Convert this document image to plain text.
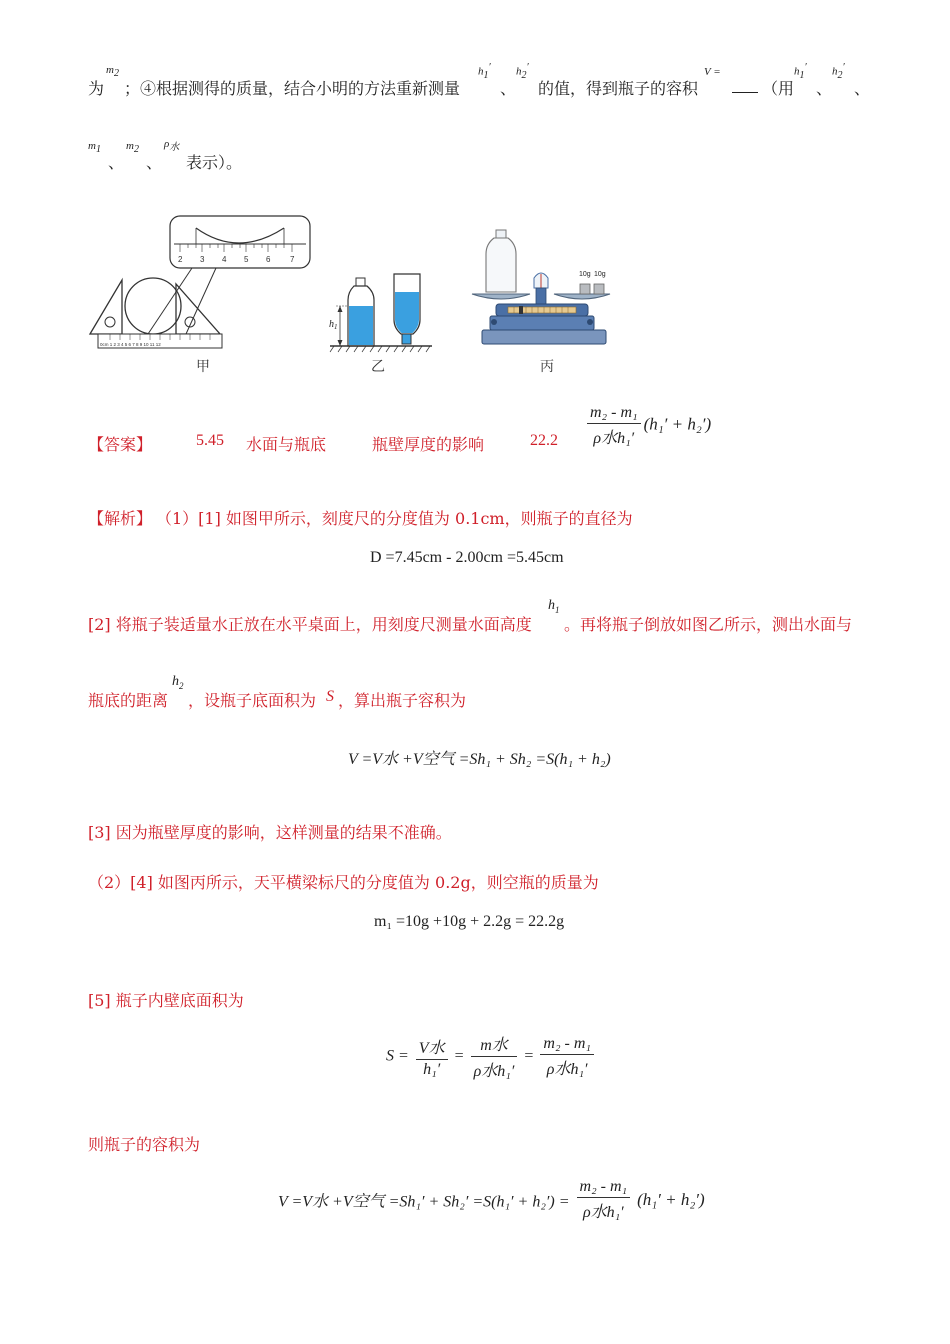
为
$m_2$
；④根据测得的质量，结合小明的方法重新测量
$h_1'$
、
$h_2'$
的值，得到瓶子的容积
V =
（用
$h_1'$
、
$h_2'$
、
$m_1$
、
$m_2$
、
$\rho_水$
表示）。
2 3 4 5 6 7
0cm 1 2 3 4 5 6 7 8 9 10 11 12
甲
$h_1$
乙
10g 10g
丙
【答案】	5.45 水面与瓶底	瓶壁厚度的影响	$22.2 \frac{\text{m₂ - m₁}}{\text{ρ水h₁′}} (h_1' + h_2')$
【解析】 （1）[1] 如图甲所示，刻度尺的分度值为 0.1cm，则瓶子的直径为
D =7.45cm - 2.00cm =5.45cm
[2] 将瓶子装适量水正放在水平桌面上，用刻度尺测量水面高度
$h_1$
。再将瓶子倒放如图乙所示，测出水面与
瓶底的距离
$h_2$
，设瓶子底面积为 S ，算出瓶子容积为
V =V水 +V空气 =Sh₁ + Sh₂ =S(h₁ + h₂)
[3] 因为瓶壁厚度的影响，这样测量的结果不准确。
（2）[4] 如图丙所示，天平横梁标尺的分度值为 0.2g，则空瓶的质量为
m₁ =10g +10g + 2.2g = 22.2g
[5] 瓶子内壁底面积为
$S = \frac{\text{V水}}{\text{h₁′}} = \frac{\text{m水}}{\text{ρ水h₁′}} = \frac{\text{m₂ - m₁}}{\text{ρ水h₁′}}$
则瓶子的容积为
V =V水 +V空气 $=Sh_1' + Sh_2' =S(h_1' + h_2') = \frac{\text{m₂ - m₁}}{\text{ρ水h₁′}} (h_1' + h_2')$
